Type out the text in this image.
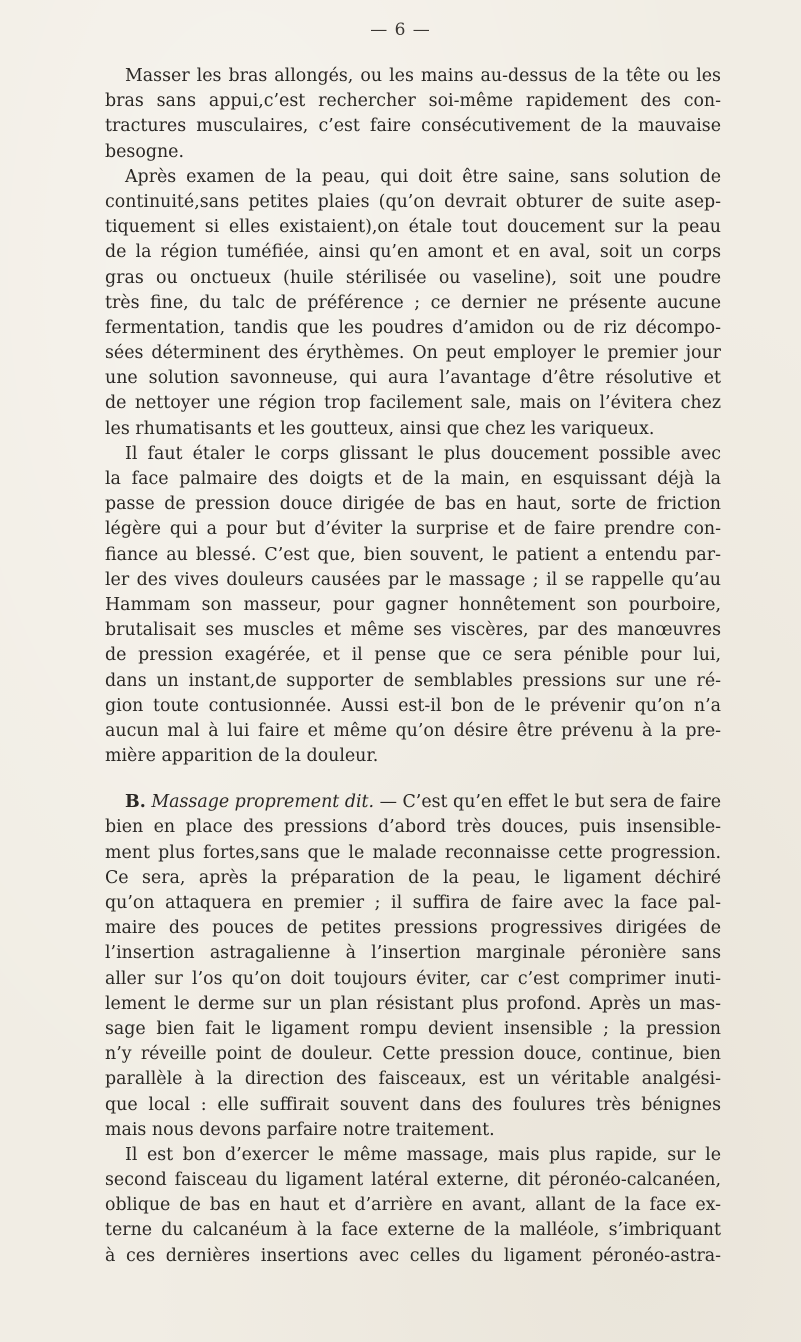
— 6 —
Masser les bras allongés, ou les mains au-dessus de la tête ou les
bras sans appui,c’est rechercher soi-même rapidement des con-
tractures musculaires, c’est faire consécutivement de la mauvaise
besogne.
Après examen de la peau, qui doit être saine, sans solution de
continuité,sans petites plaies (qu’on devrait obturer de suite asep-
tiquement si elles existaient),on étale tout doucement sur la peau
de la région tuméfiée, ainsi qu’en amont et en aval, soit un corps
gras ou onctueux (huile stérilisée ou vaseline), soit une poudre
très fine, du talc de préférence ; ce dernier ne présente aucune
fermentation, tandis que les poudres d’amidon ou de riz décompo-
sées déterminent des érythèmes. On peut employer le premier jour
une solution savonneuse, qui aura l’avantage d’être résolutive et
de nettoyer une région trop facilement sale, mais on l’évitera chez
les rhumatisants et les goutteux, ainsi que chez les variqueux.
Il faut étaler le corps glissant le plus doucement possible avec
la face palmaire des doigts et de la main, en esquissant déjà la
passe de pression douce dirigée de bas en haut, sorte de friction
légère qui a pour but d’éviter la surprise et de faire prendre con-
fiance au blessé. C’est que, bien souvent, le patient a entendu par-
ler des vives douleurs causées par le massage ; il se rappelle qu’au
Hammam son masseur, pour gagner honnêtement son pourboire,
brutalisait ses muscles et même ses viscères, par des manœuvres
de pression exagérée, et il pense que ce sera pénible pour lui,
dans un instant,de supporter de semblables pressions sur une ré-
gion toute contusionnée. Aussi est-il bon de le prévenir qu’on n’a
aucun mal à lui faire et même qu’on désire être prévenu à la pre-
mière apparition de la douleur.
B. Massage proprement dit. — C’est qu’en effet le but sera de faire
bien en place des pressions d’abord très douces, puis insensible-
ment plus fortes,sans que le malade reconnaisse cette progression.
Ce sera, après la préparation de la peau, le ligament déchiré
qu’on attaquera en premier ; il suffira de faire avec la face pal-
maire des pouces de petites pressions progressives dirigées de
l’insertion astragalienne à l’insertion marginale péronière sans
aller sur l’os qu’on doit toujours éviter, car c’est comprimer inuti-
lement le derme sur un plan résistant plus profond. Après un mas-
sage bien fait le ligament rompu devient insensible ; la pression
n’y réveille point de douleur. Cette pression douce, continue, bien
parallèle à la direction des faisceaux, est un véritable analgési-
que local : elle suffirait souvent dans des foulures très bénignes
mais nous devons parfaire notre traitement.
Il est bon d’exercer le même massage, mais plus rapide, sur le
second faisceau du ligament latéral externe, dit péronéo-calcanéen,
oblique de bas en haut et d’arrière en avant, allant de la face ex-
terne du calcanéum à la face externe de la malléole, s’imbriquant
à ces dernières insertions avec celles du ligament péronéo-astra-
